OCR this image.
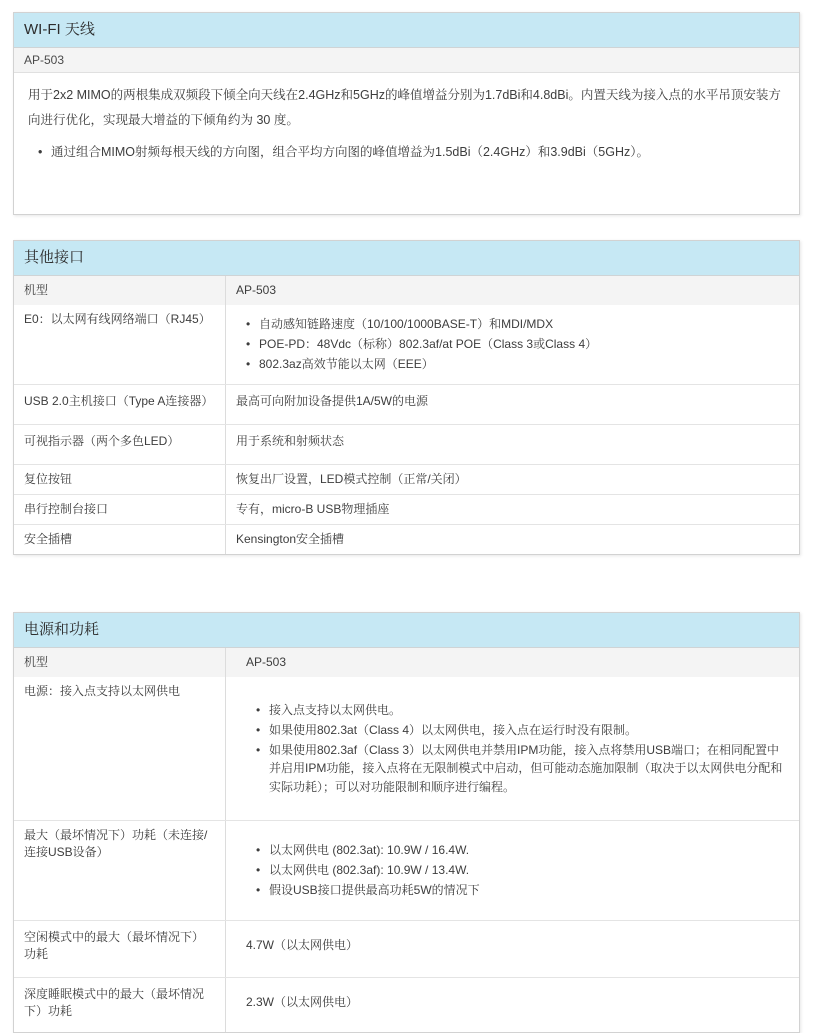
WI-FI 天线
AP-503

用于2x2 MIMO的两根集成双频段下倾全向天线在2.4GHz和5GHz的峰值增益分别为1.7dBi和4.8dBi。内置天线为接入点的水平吊顶安装方向进行优化，实现最大增益的下倾角约为 30 度。

• 通过组合MIMO射频每根天线的方向图，组合平均方向图的峰值增益为1.5dBi（2.4GHz）和3.9dBi（5GHz）。
其他接口
机型	AP-503
E0：以太网有线网络端口（RJ45）	
•自动感知链路速度（10/100/1000BASE-T）和MDI/MDX
• POE-PD：48Vdc（标称）802.3af/at POE（Class 3或Class 4）
• 802.3az高效节能以太网（EEE）

USB 2.0主机接口（Type A连接器）	最高可向附加设备提供1A/5W的电源
可视指示器（两个多色LED）	用于系统和射频状态
复位按钮	恢复出厂设置，LED模式控制（正常/关闭）
串行控制台接口	专有，micro-B USB物理插座
安全插槽	Kensington安全插槽
电源和功耗
机型	AP-503
电源：接入点支持以太网供电	
• 接入点支持以太网供电。
• 如果使用802.3at（Class 4）以太网供电，接入点在运行时没有限制。
• 如果使用802.3af（Class 3）以太网供电并禁用IPM功能，接入点将禁用USB端口；在相同配置中并启用IPM功能，接入点将在无限制模式中启动，但可能动态施加限制（取决于以太网供电分配和实际功耗）；可以对功能限制和顺序进行编程。

最大（最坏情况下）功耗（未连接/连接USB设备）	
•以太网供电 (802.3at): 10.9W / 16.4W.
• 以太网供电 (802.3af): 10.9W / 13.4W.
• 假设USB接口提供最高功耗5W的情况下

空闲模式中的最大（最坏情况下）功耗	4.7W（以太网供电）
深度睡眠模式中的最大（最坏情况下）功耗	2.3W（以太网供电）
